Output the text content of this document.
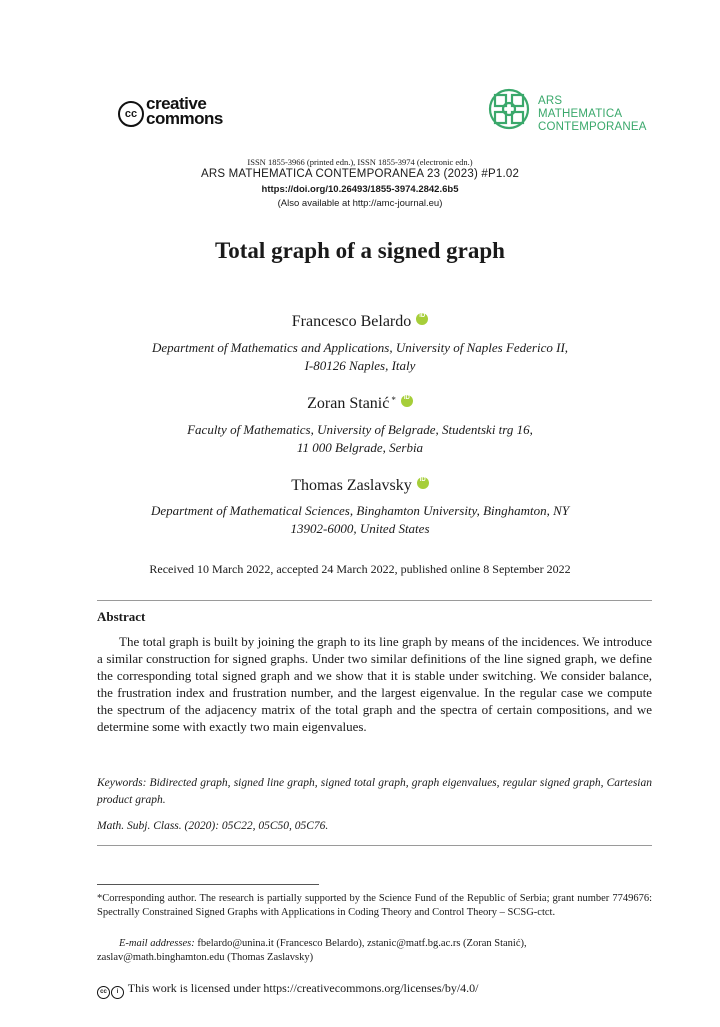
cc
creative
commons
ARS MATHEMATICA
CONTEMPORANEA
ISSN 1855-3966 (printed edn.), ISSN 1855-3974 (electronic edn.)
ARS MATHEMATICA CONTEMPORANEA 23 (2023) #P1.02
https://doi.org/10.26493/1855-3974.2842.6b5
(Also available at http://amc-journal.eu)
Total graph of a signed graph
Francesco BelardoiD
Department of Mathematics and Applications, University of Naples Federico II,
I-80126 Naples, Italy
Zoran Stanić *iD
Faculty of Mathematics, University of Belgrade, Studentski trg 16,
11 000 Belgrade, Serbia
Thomas ZaslavskyiD
Department of Mathematical Sciences, Binghamton University, Binghamton, NY
13902-6000, United States
Received 10 March 2022, accepted 24 March 2022, published online 8 September 2022
Abstract

The total graph is built by joining the graph to its line graph by means of the incidences. We introduce a similar construction for signed graphs. Under two similar definitions of the line signed graph, we define the corresponding total signed graph and we show that it is stable under switching. We consider balance, the frustration index and frustration number, and the largest eigenvalue. In the regular case we compute the spectrum of the adjacency matrix of the total graph and the spectra of certain compositions, and we determine some with exactly two main eigenvalues.

Keywords: Bidirected graph, signed line graph, signed total graph, graph eigenvalues, regular signed graph, Cartesian product graph.

Math. Subj. Class. (2020): 05C22, 05C50, 05C76.

*Corresponding author. The research is partially supported by the Science Fund of the Republic of Serbia; grant number 7749676: Spectrally Constrained Signed Graphs with Applications in Coding Theory and Control Theory – SCSG-ctct.

E-mail addresses: fbelardo@unina.it (Francesco Belardo), zstanic@matf.bg.ac.rs (Zoran Stanić), zaslav@math.binghamton.edu (Thomas Zaslavsky)

cc i This work is licensed under https://creativecommons.org/licenses/by/4.0/
